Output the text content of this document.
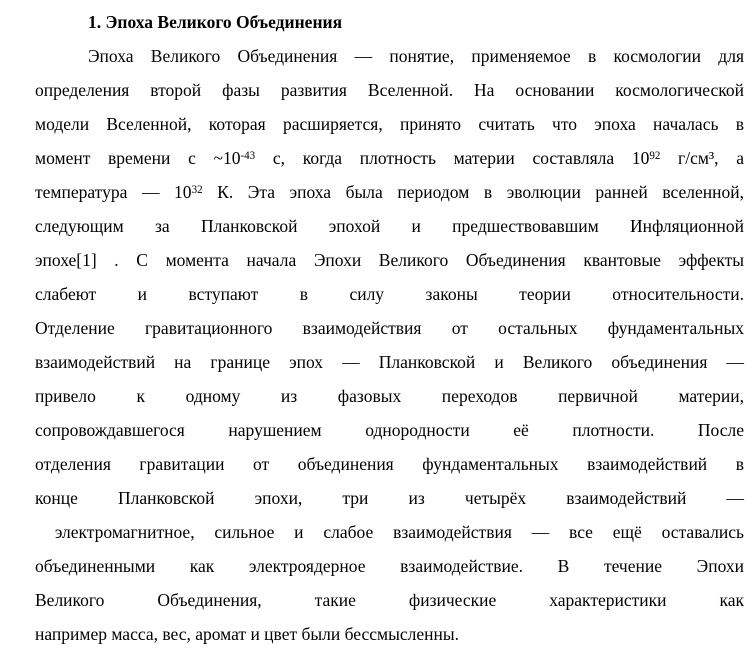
1. Эпоха Великого Объединения
Эпоха Великого Объединения — понятие, применяемое в космологии для
определения второй фазы развития Вселенной. На основании космологической
модели Вселенной, которая расширяется, принято считать что эпоха началась в
момент времени с $\sim 10^{-43}$ с, когда плотность материи составляла $10^{92}$ г/см³, а
температура — $10^{32}$ К. Эта эпоха была периодом в эволюции ранней вселенной,
следующим за Планковской эпохой и предшествовавшим Инфляционной
эпохе[1] . С момента начала Эпохи Великого Объединения квантовые эффекты
слабеют и вступают в силу законы теории относительности.
Отделение гравитационного взаимодействия от остальных фундаментальных
взаимодействий на границе эпох — Планковской и Великого объединения —
привело к одному из фазовых переходов первичной материи,
сопровождавшегося нарушением однородности её плотности. После
отделения гравитации от объединения фундаментальных взаимодействий в
конце Планковской эпохи, три из четырёх взаимодействий —
электромагнитное, сильное и слабое взаимодействия — все ещё оставались
объединенными как электроядерное взаимодействие. В течение Эпохи
Великого Объединения, такие физические характеристики как
например масса, вес, аромат и цвет были бессмысленны.
